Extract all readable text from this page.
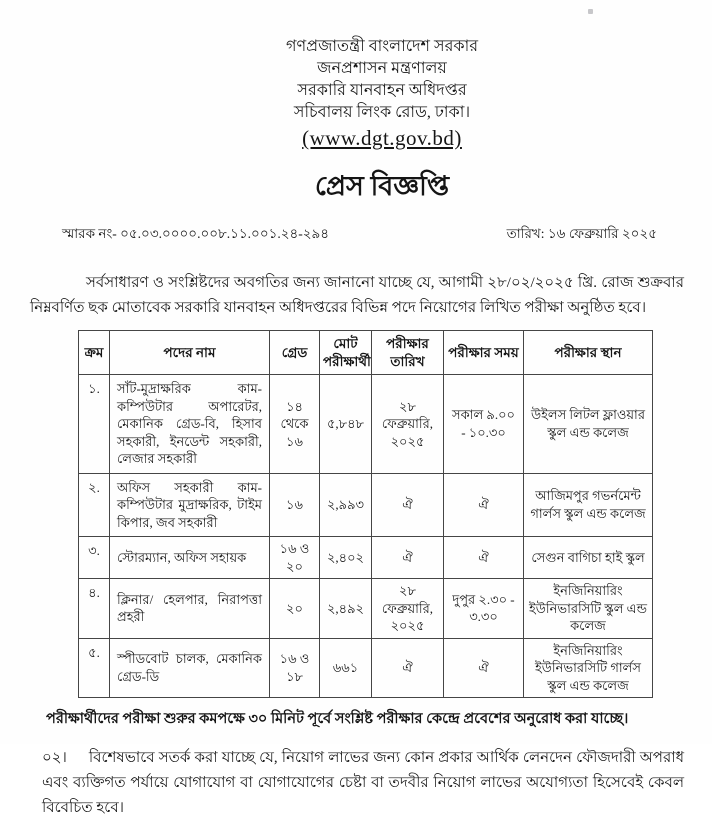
গণপ্রজাতন্ত্রী বাংলাদেশ সরকার
জনপ্রশাসন মন্ত্রণালয়
সরকারি যানবাহন অধিদপ্তর
সচিবালয় লিংক রোড, ঢাকা।
(www.dgt.gov.bd)
প্রেস বিজ্ঞপ্তি
স্মারক নং- ০৫.০৩.০০০০.০০৮.১১.০০১.২৪-২৯৪	তারিখ: ১৬ ফেব্রুয়ারি ২০২৫

সর্বসাধারণ ও সংশ্লিষ্টদের অবগতির জন্য জানানো যাচ্ছে যে, আগামী ২৮/০২/২০২৫ খ্রি. রোজ শুক্রবার নিম্নবর্ণিত ছক মোতাবেক সরকারি যানবাহন অধিদপ্তরের বিভিন্ন পদে নিয়োগের লিখিত পরীক্ষা অনুষ্ঠিত হবে।

ক্রম	পদের নাম	গ্রেড	মোট পরীক্ষার্থী	পরীক্ষার তারিখ	পরীক্ষার সময়	পরীক্ষার স্থান
১.	সাঁট-মুদ্রাক্ষরিক কাম-কম্পিউটার অপারেটর, মেকানিক গ্রেড-বি, হিসাব সহকারী, ইনডেন্ট সহকারী, লেজার সহকারী	১৪ থেকে ১৬	৫,৮৪৮	২৮ ফেব্রুয়ারি, ২০২৫	সকাল ৯.০০ - ১০.৩০	উইলস লিটল ফ্লাওয়ার স্কুল এন্ড কলেজ
২.	অফিস সহকারী কাম-কম্পিউটার মুদ্রাক্ষরিক, টাইম কিপার, জব সহকারী	১৬	২,৯৯৩	ঐ	ঐ	আজিমপুর গভর্নমেন্ট গার্লস স্কুল এন্ড কলেজ
৩.	স্টোরম্যান, অফিস সহায়ক	১৬ ও ২০	২,৪০২	ঐ	ঐ	সেগুন বাগিচা হাই স্কুল
৪.	ক্লিনার/ হেলপার, নিরাপত্তা প্রহরী	২০	২,৪৯২	২৮ ফেব্রুয়ারি, ২০২৫	দুপুর ২.৩০ - ৩.৩০	ইনজিনিয়ারিং ইউনিভারসিটি স্কুল এন্ড কলেজ
৫.	স্পীডবোট চালক, মেকানিক গ্রেড-ডি	১৬ ও ১৮	৬৬১	ঐ	ঐ	ইনজিনিয়ারিং ইউনিভারসিটি গার্লস স্কুল এন্ড কলেজ

পরীক্ষার্থীদের পরীক্ষা শুরুর কমপক্ষে ৩০ মিনিট পূর্বে সংশ্লিষ্ট পরীক্ষার কেন্দ্রে প্রবেশের অনুরোধ করা যাচ্ছে।

০২। বিশেষভাবে সতর্ক করা যাচ্ছে যে, নিয়োগ লাভের জন্য কোন প্রকার আর্থিক লেনদেন ফৌজদারী অপরাধ এবং ব্যক্তিগত পর্যায়ে যোগাযোগ বা যোগাযোগের চেষ্টা বা তদবীর নিয়োগ লাভের অযোগ্যতা হিসেবেই কেবল বিবেচিত হবে।
